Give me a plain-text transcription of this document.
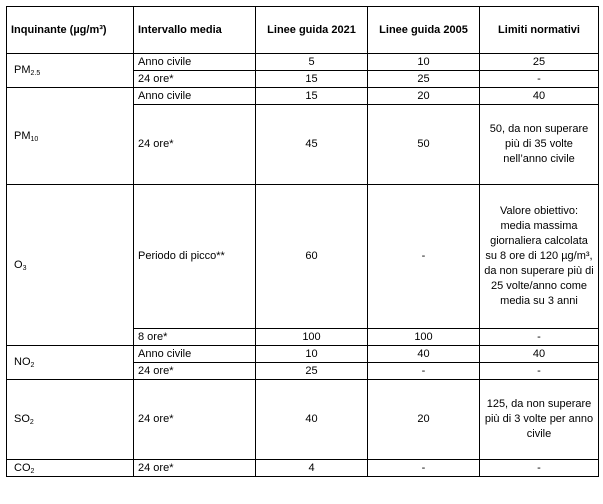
Inquinante (µg/m³)	Intervallo media	Linee guida 2021	Linee guida 2005	Limiti normativi
$PM_{2.5}$	Anno civile	5	10	25
	24 ore*	15	25	-
$PM_{10}$	Anno civile	15	20	40
	24 ore*	45	50	50, da non superare più di 35 volte nell’anno civile
$O_3$	Periodo di picco**	60	-	Valore obiettivo: media massima giornaliera calcolata su 8 ore di 120 µg/m³, da non superare più di 25 volte/anno come media su 3 anni
	8 ore*	100	100	-
$NO_2$	Anno civile	10	40	40
	24 ore*	25	-	-
$SO_2$	24 ore*	40	20	125, da non superare più di 3 volte per anno civile
$CO_2$	24 ore*	4	-	-
